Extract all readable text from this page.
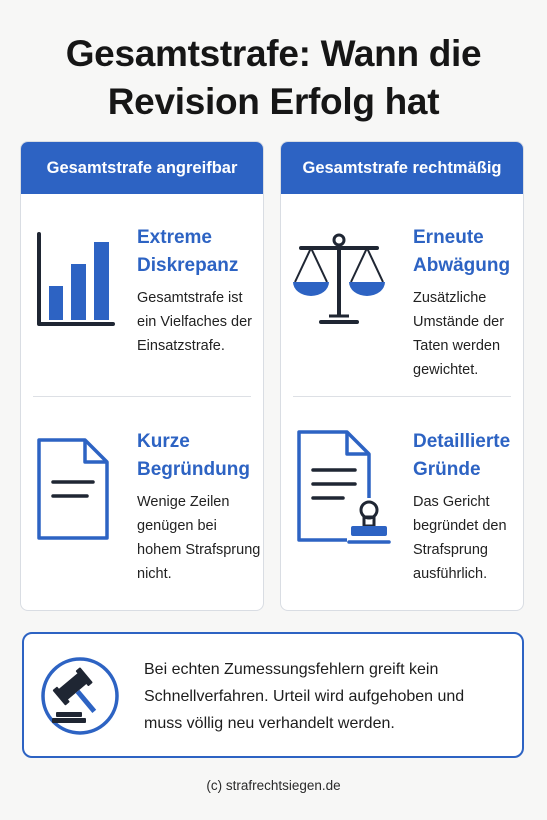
Gesamtstrafe: Wann die
Revision Erfolg hat
Gesamtstrafe angreifbar
Extreme
Diskrepanz
Gesamtstrafe ist
ein Vielfaches der
Einsatzstrafe.
Kurze
Begründung
Wenige Zeilen
genügen bei
hohem Strafsprung
nicht.
Gesamtstrafe rechtmäßig
Erneute
Abwägung
Zusätzliche
Umstände der
Taten werden
gewichtet.
Detaillierte
Gründe
Das Gericht
begründet den
Strafsprung
ausführlich.
Bei echten Zumessungsfehlern greift kein
Schnellverfahren. Urteil wird aufgehoben und
muss völlig neu verhandelt werden.
(c) strafrechtsiegen.de
